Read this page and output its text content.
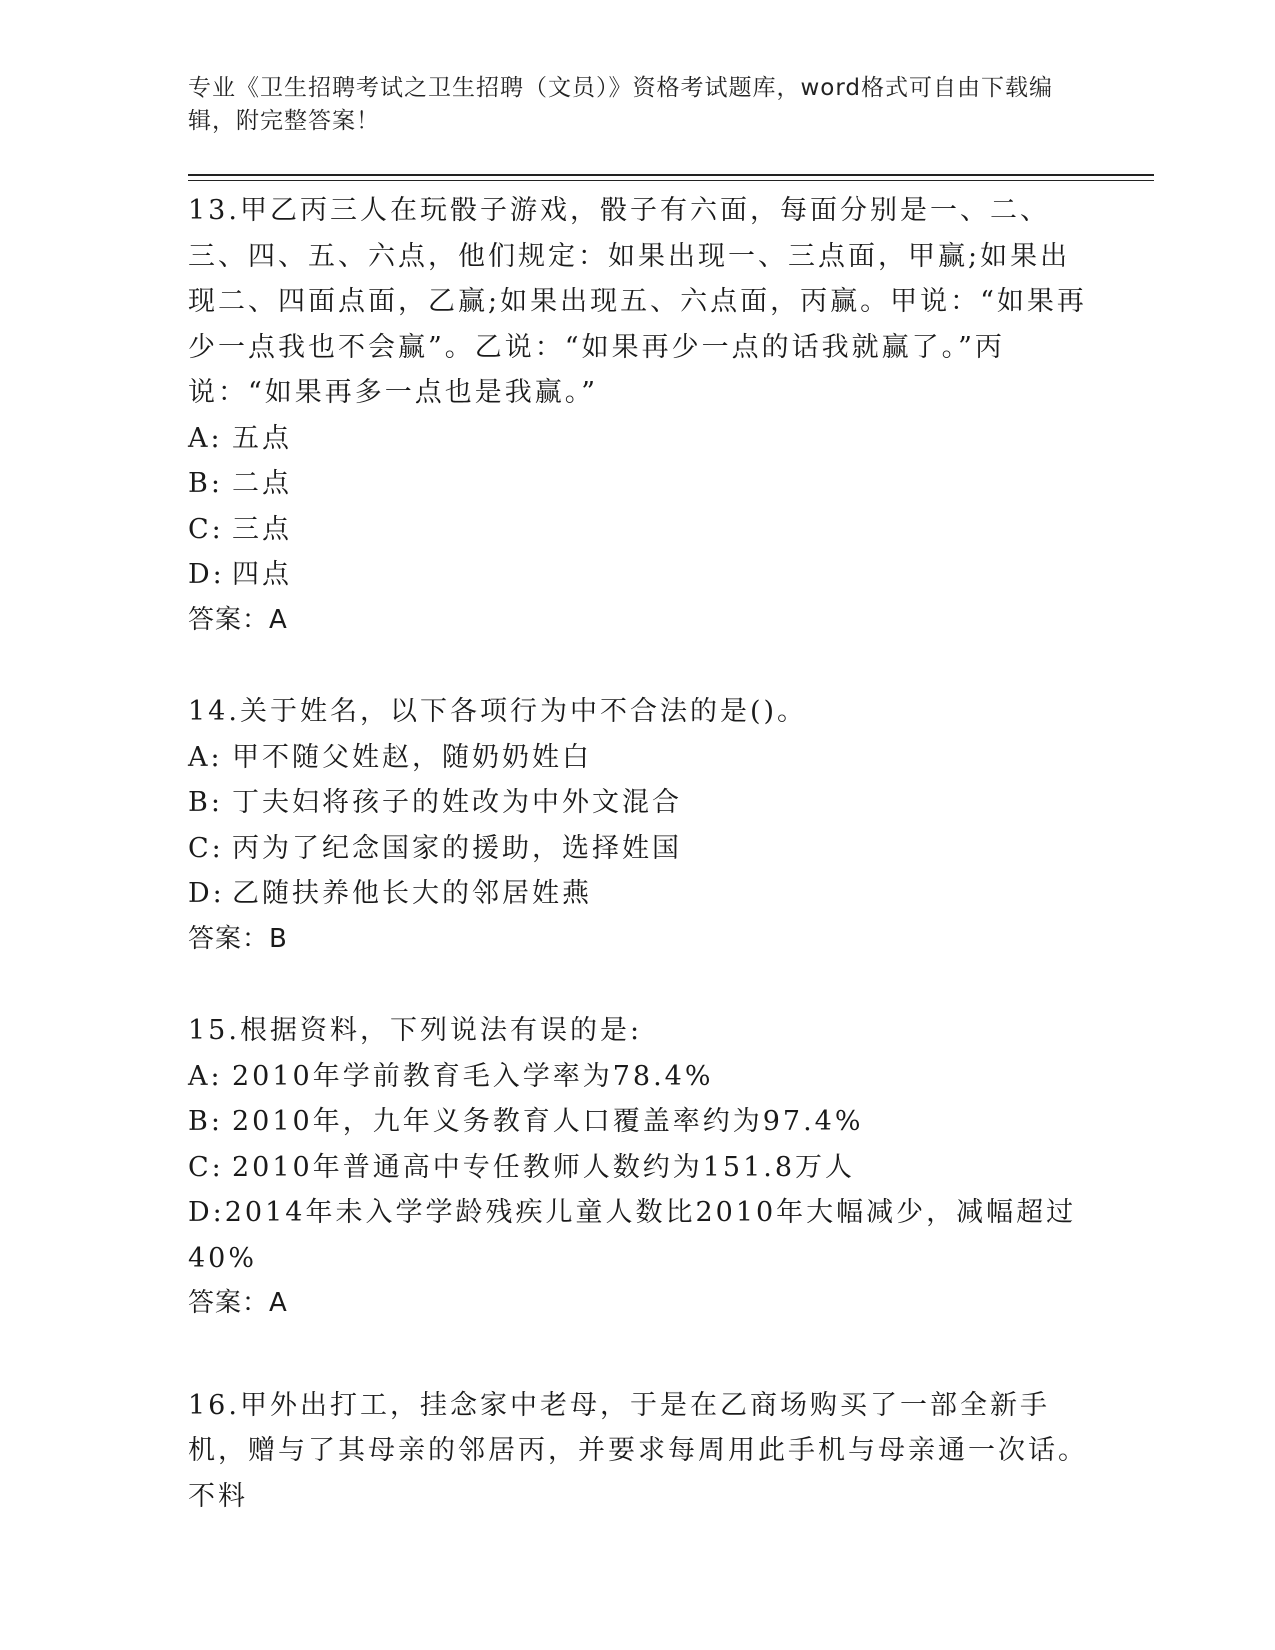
专业《卫生招聘考试之卫生招聘（文员）》资格考试题库，word格式可自由下载编辑，附完整答案！

13.甲乙丙三人在玩骰子游戏，骰子有六面，每面分别是一、二、三、四、五、六点，他们规定：如果出现一、三点面，甲赢;如果出现二、四面点面，乙赢;如果出现五、六点面，丙赢。甲说：“如果再少一点我也不会赢”。乙说：“如果再少一点的话我就赢了。”丙说：“如果再多一点也是我赢。”

A: 五点

B: 二点

C: 三点

D: 四点

答案：A

14.关于姓名，以下各项行为中不合法的是()。

A: 甲不随父姓赵，随奶奶姓白

B: 丁夫妇将孩子的姓改为中外文混合

C: 丙为了纪念国家的援助，选择姓国

D: 乙随扶养他长大的邻居姓燕

答案：B

15.根据资料，下列说法有误的是:

A: 2010年学前教育毛入学率为78.4%

B: 2010年，九年义务教育人口覆盖率约为97.4%

C: 2010年普通高中专任教师人数约为151.8万人

D:2014年未入学学龄残疾儿童人数比2010年大幅减少，减幅超过40%

答案：A

16.甲外出打工，挂念家中老母，于是在乙商场购买了一部全新手机，赠与了其母亲的邻居丙，并要求每周用此手机与母亲通一次话。不料
